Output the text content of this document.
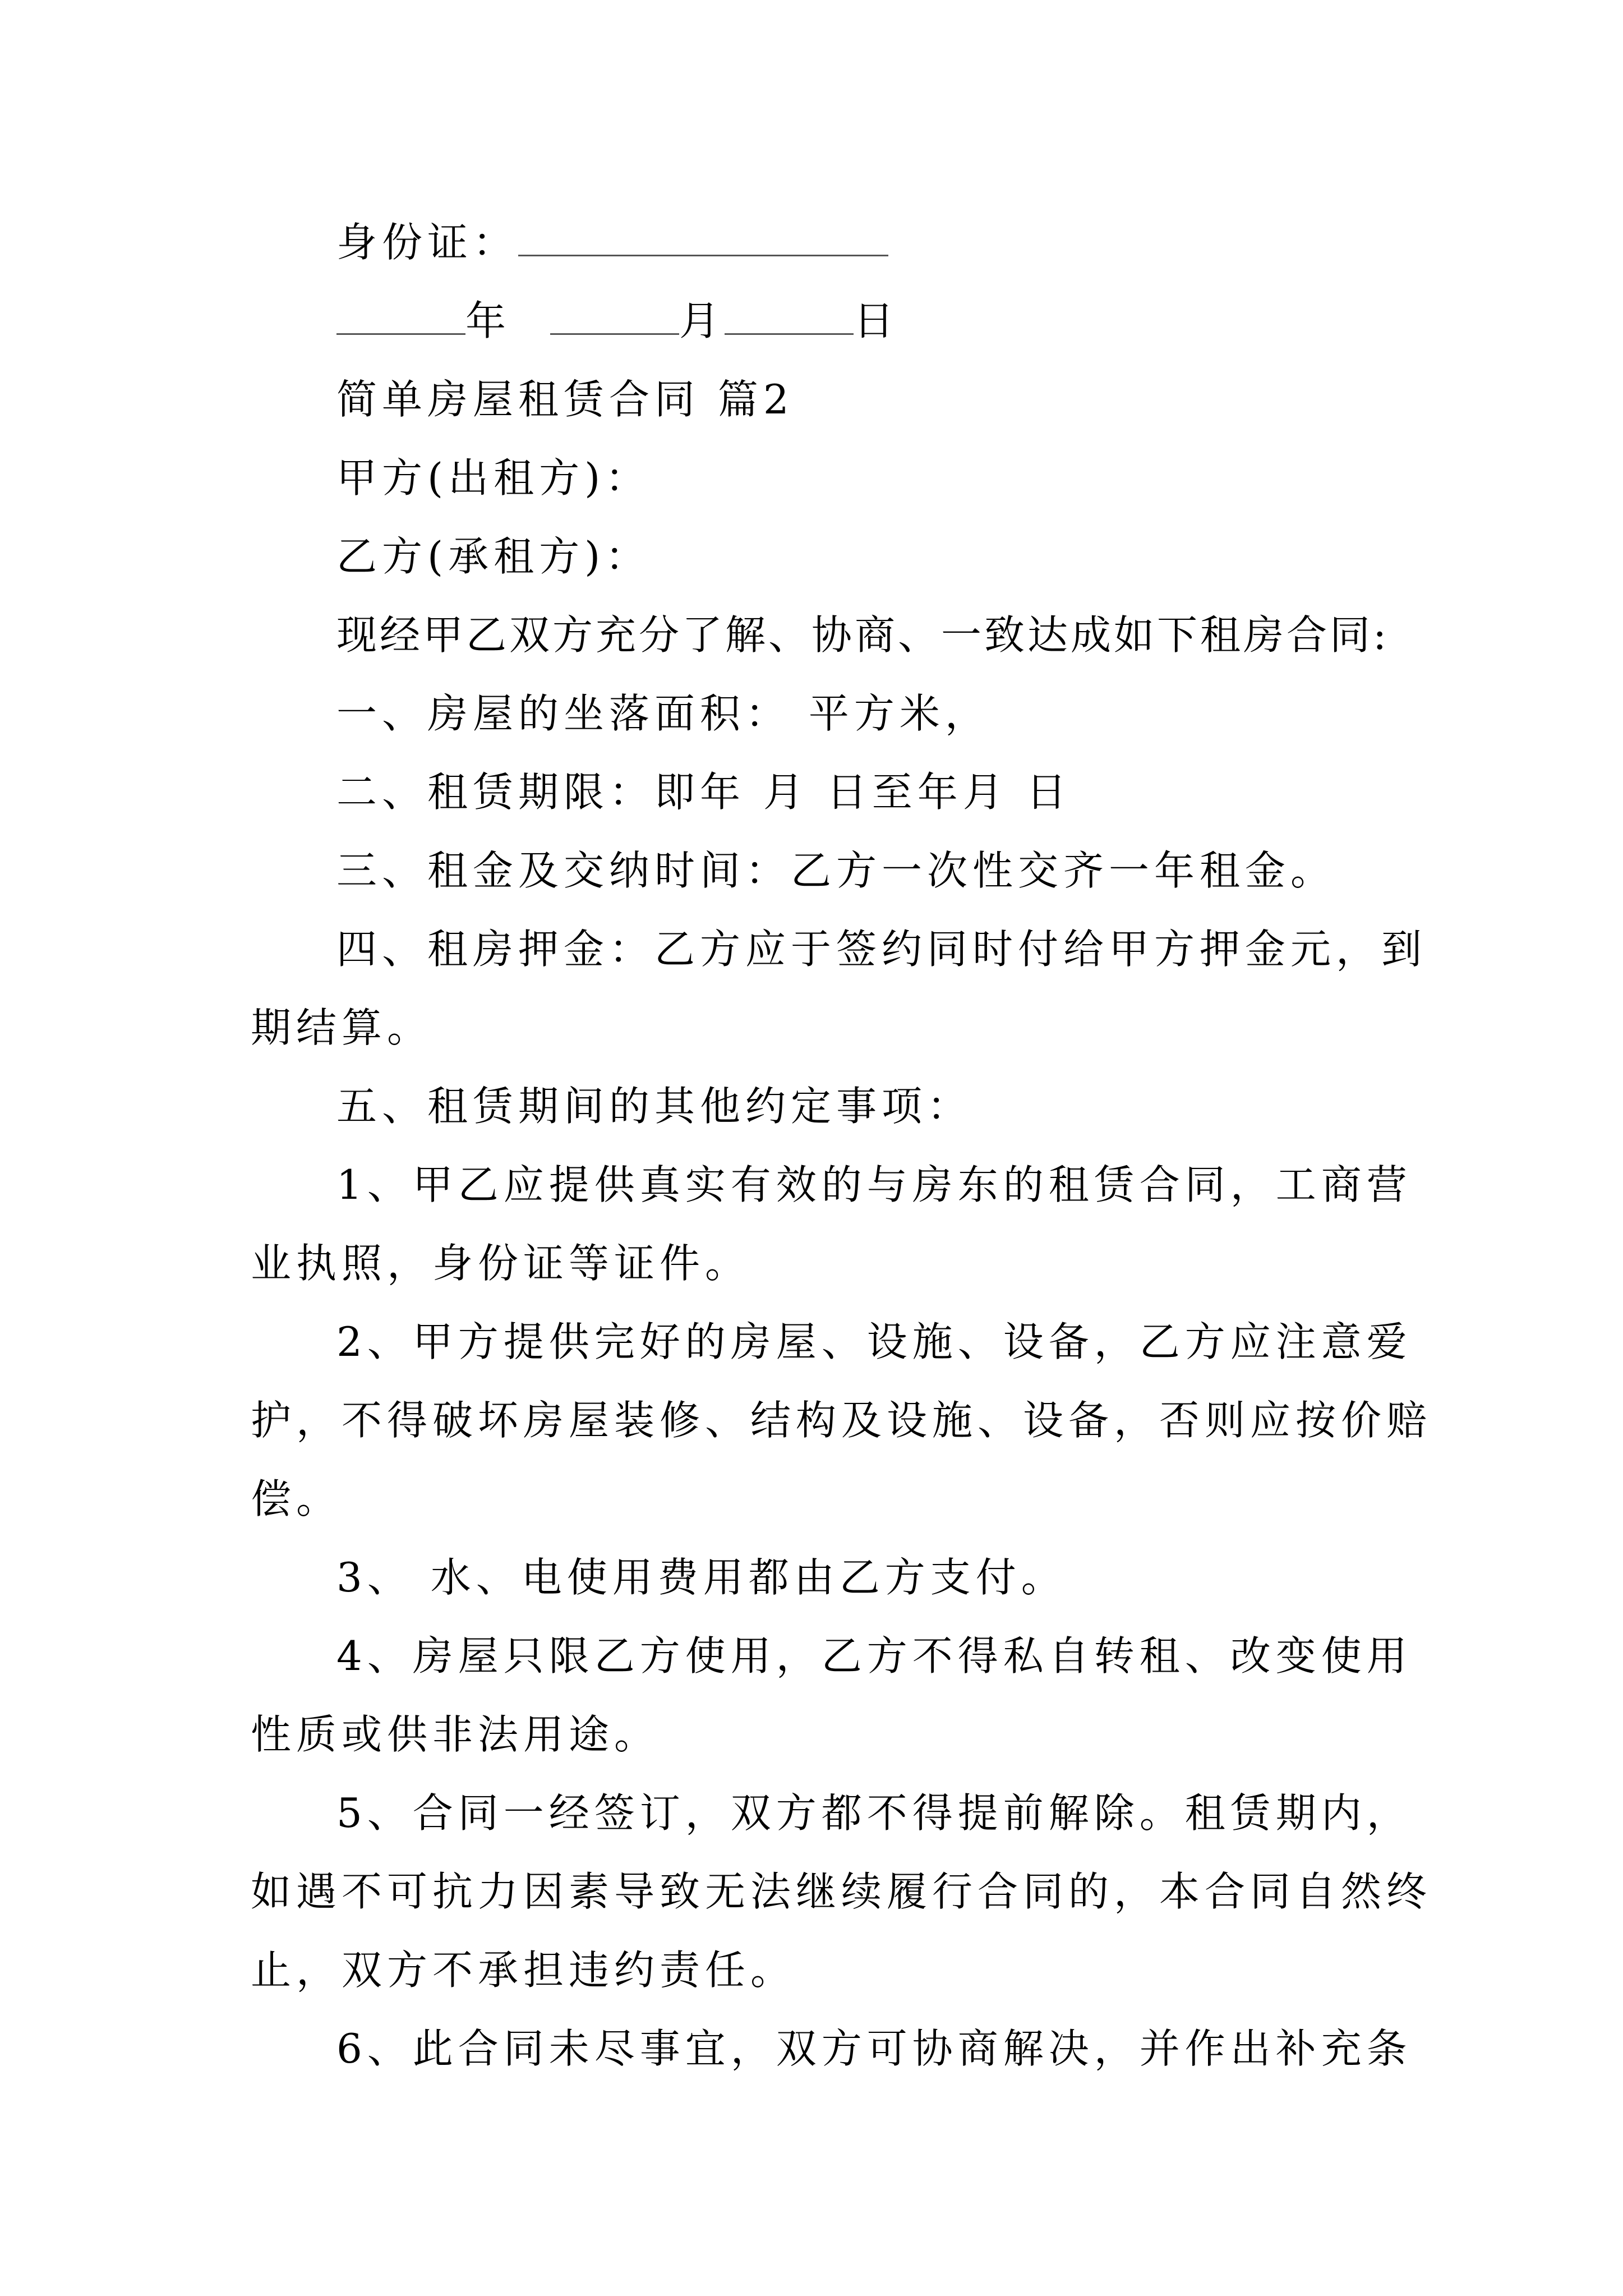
身份证：

年	月	日

简单房屋租赁合同 篇2

甲方(出租方)：

乙方(承租方)：

现经甲乙双方充分了解、协商、一致达成如下租房合同:

一、房屋的坐落面积： 平方米，

二、租赁期限：即年 月 日至年月 日

三、租金及交纳时间：乙方一次性交齐一年租金。

四、租房押金：乙方应于签约同时付给甲方押金元，到

期结算。

五、租赁期间的其他约定事项：

1、甲乙应提供真实有效的与房东的租赁合同，工商营

业执照，身份证等证件。

2、甲方提供完好的房屋、设施、设备，乙方应注意爱

护，不得破坏房屋装修、结构及设施、设备，否则应按价赔

偿。

3、 水、电使用费用都由乙方支付。

4、房屋只限乙方使用，乙方不得私自转租、改变使用

性质或供非法用途。

5、合同一经签订，双方都不得提前解除。租赁期内，

如遇不可抗力因素导致无法继续履行合同的，本合同自然终

止，双方不承担违约责任。

6、此合同未尽事宜，双方可协商解决，并作出补充条
